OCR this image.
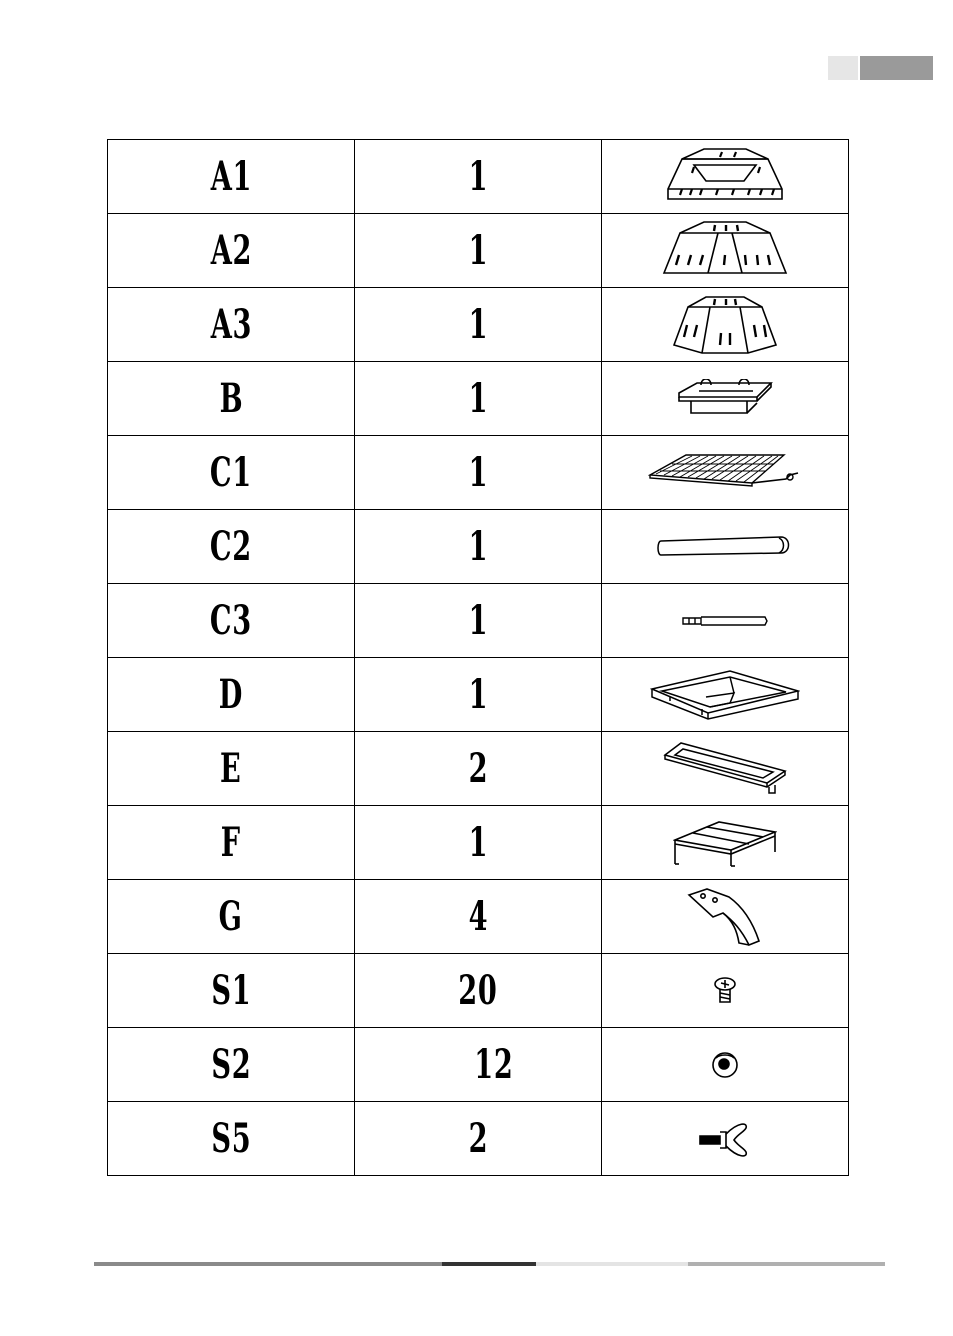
A1	1	

A2	1	

A3	1	

B	1	

C1	1	

C2	1	

C3	1	

D	1	

E	2	

F	1	

G	4	

S1	20	

S2	12	

S5	2	
